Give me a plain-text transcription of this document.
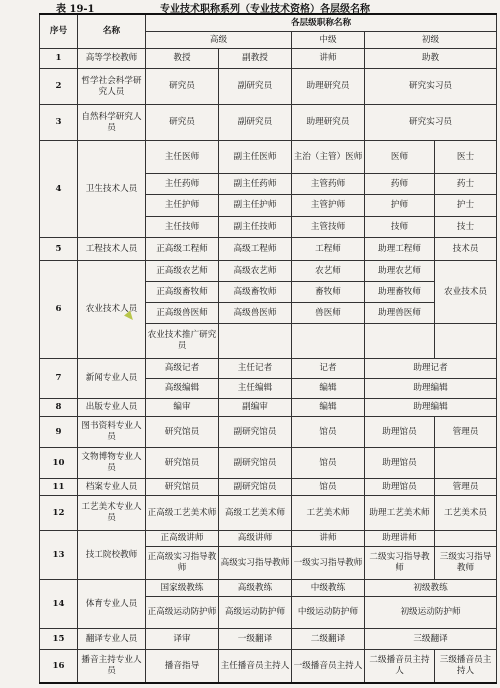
表 19-1	专业技术职称系列（专业技术资格）各层级名称
序号	名称	各层级职称名称				
		高级		中级	初级	
1	高等学校教师	教授	副教授	讲师	助教	
2	哲学社会科学研究人员	研究员	副研究员	助理研究员	研究实习员	
3	自然科学研究人员	研究员	副研究员	助理研究员	研究实习员	
4	卫生技术人员	主任医师	副主任医师	主治（主管）医师	医师	医士
		主任药师	副主任药师	主管药师	药师	药士
		主任护师	副主任护师	主管护师	护师	护士
		主任技师	副主任技师	主管技师	技师	技士
5	工程技术人员	正高级工程师	高级工程师	工程师	助理工程师	技术员
6	农业技术人员	正高级农艺师	高级农艺师	农艺师	助理农艺师	农业技术员
		正高级畜牧师	高级畜牧师	畜牧师	助理畜牧师	
		正高级兽医师	高级兽医师	兽医师	助理兽医师	
		农业技术推广研究员				
7	新闻专业人员	高级记者	主任记者	记者	助理记者	
		高级编辑	主任编辑	编辑	助理编辑	
8	出版专业人员	编审	副编审	编辑	助理编辑	
9	图书资料专业人员	研究馆员	副研究馆员	馆员	助理馆员	管理员
10	文物博物专业人员	研究馆员	副研究馆员	馆员	助理馆员	
11	档案专业人员	研究馆员	副研究馆员	馆员	助理馆员	管理员
12	工艺美术专业人员	正高级工艺美术师	高级工艺美术师	工艺美术师	助理工艺美术师	工艺美术员
13	技工院校教师	正高级讲师	高级讲师	讲师	助理讲师	
		正高级实习指导教师	高级实习指导教师	一级实习指导教师	二级实习指导教师	三级实习指导教师
14	体育专业人员	国家级教练	高级教练	中级教练	初级教练	
		正高级运动防护师	高级运动防护师	中级运动防护师	初级运动防护师	
15	翻译专业人员	译审	一级翻译	二级翻译	三级翻译	
16	播音主持专业人员	播音指导	主任播音员主持人	一级播音员主持人	二级播音员主持人	三级播音员主持人
